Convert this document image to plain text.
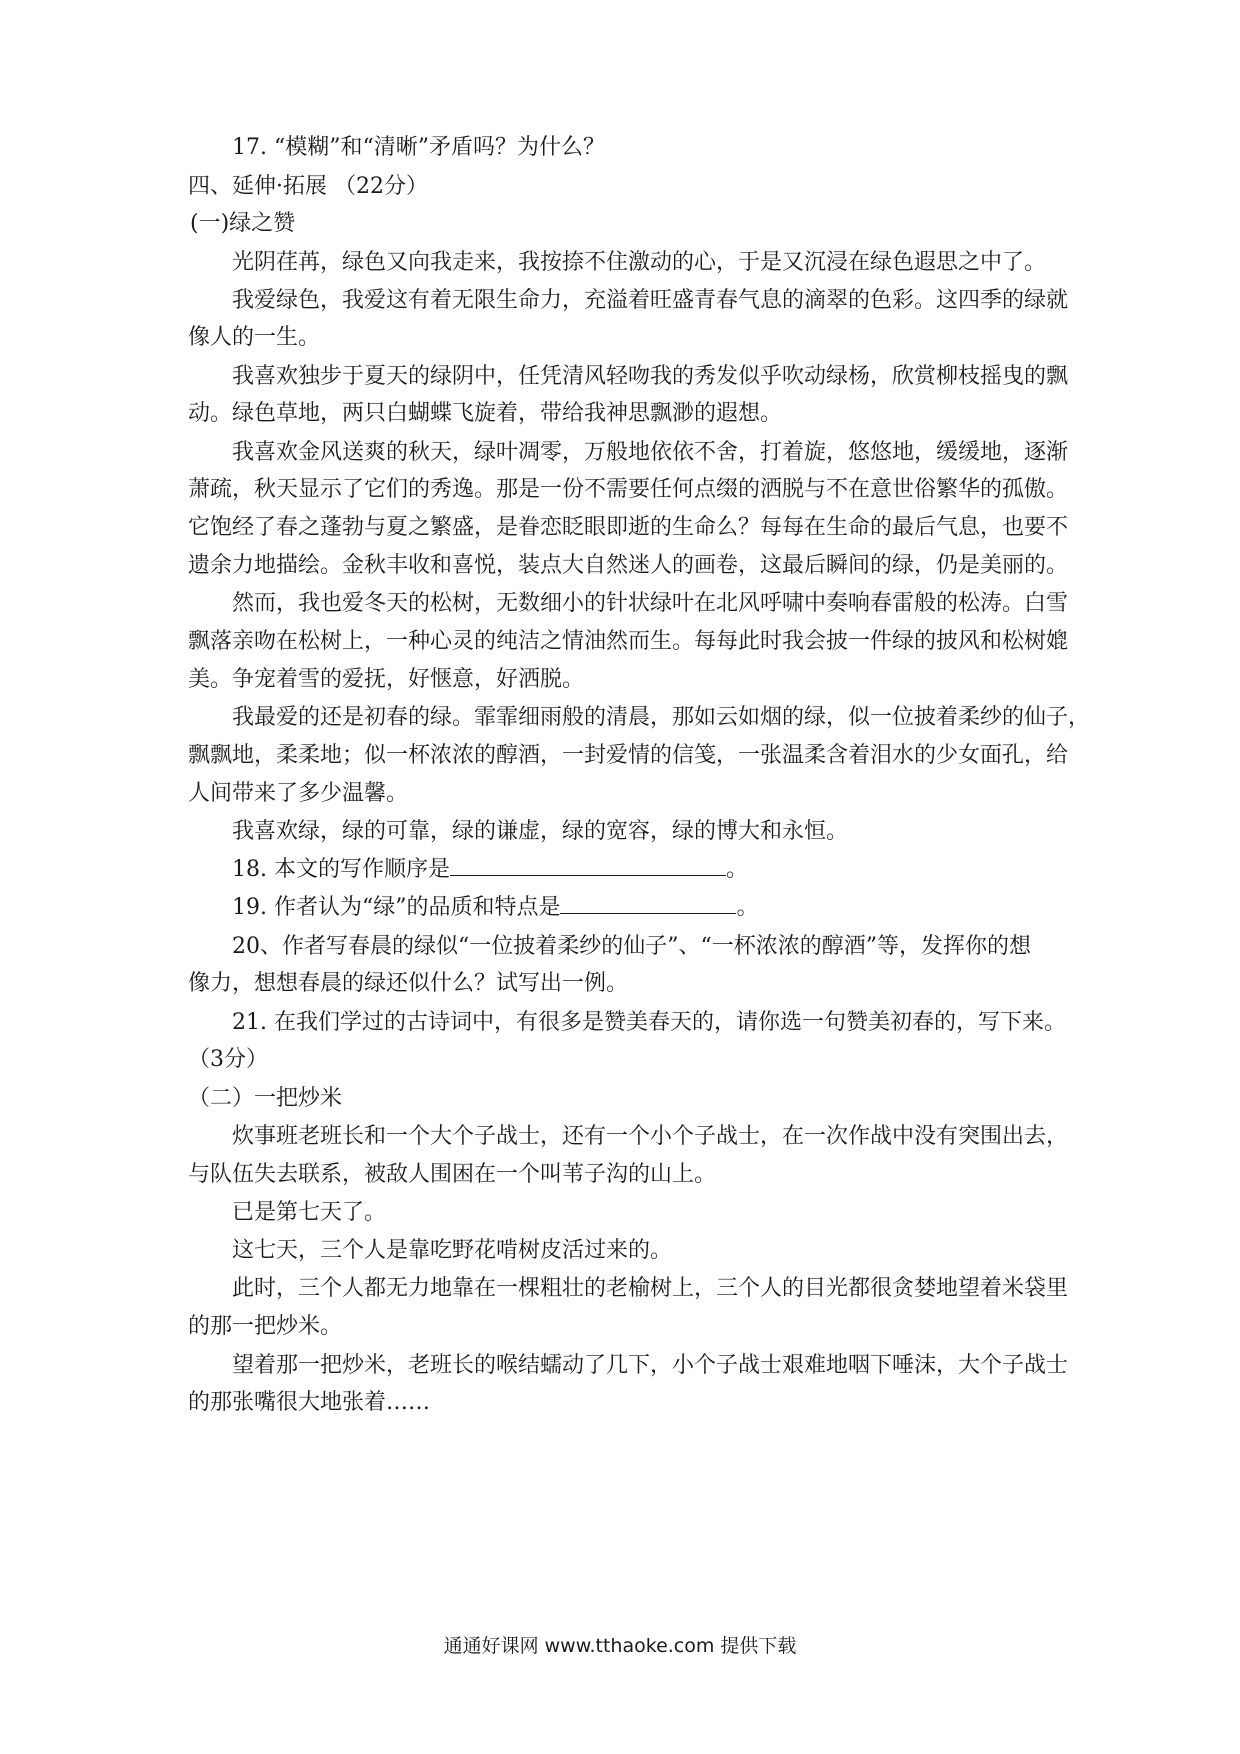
17. “模糊”和“清晰”矛盾吗？为什么？
四、延伸·拓展 （22分）
(一)绿之赞
光阴荏苒，绿色又向我走来，我按捺不住激动的心，于是又沉浸在绿色遐思之中了。
我爱绿色，我爱这有着无限生命力，充溢着旺盛青春气息的滴翠的色彩。这四季的绿就
像人的一生。
我喜欢独步于夏天的绿阴中，任凭清风轻吻我的秀发似乎吹动绿杨，欣赏柳枝摇曳的飘
动。绿色草地，两只白蝴蝶飞旋着，带给我神思飘渺的遐想。
我喜欢金风送爽的秋天，绿叶凋零，万般地依依不舍，打着旋，悠悠地，缓缓地，逐渐
萧疏，秋天显示了它们的秀逸。那是一份不需要任何点缀的洒脱与不在意世俗繁华的孤傲。
它饱经了春之蓬勃与夏之繁盛，是眷恋眨眼即逝的生命么？每每在生命的最后气息，也要不
遗余力地描绘。金秋丰收和喜悦，装点大自然迷人的画卷，这最后瞬间的绿，仍是美丽的。
然而，我也爱冬天的松树，无数细小的针状绿叶在北风呼啸中奏响春雷般的松涛。白雪
飘落亲吻在松树上，一种心灵的纯洁之情油然而生。每每此时我会披一件绿的披风和松树媲
美。争宠着雪的爱抚，好惬意，好洒脱。
我最爱的还是初春的绿。霏霏细雨般的清晨，那如云如烟的绿，似一位披着柔纱的仙子，
飘飘地，柔柔地；似一杯浓浓的醇酒，一封爱情的信笺，一张温柔含着泪水的少女面孔，给
人间带来了多少温馨。
我喜欢绿，绿的可靠，绿的谦虚，绿的宽容，绿的博大和永恒。
18. 本文的写作顺序是	。
19. 作者认为“绿”的品质和特点是	。
20、作者写春晨的绿似“一位披着柔纱的仙子”、“一杯浓浓的醇酒”等，发挥你的想
像力，想想春晨的绿还似什么？试写出一例。
21. 在我们学过的古诗词中，有很多是赞美春天的，请你选一句赞美初春的，写下来。
（3分）
（二）一把炒米
炊事班老班长和一个大个子战士，还有一个小个子战士，在一次作战中没有突围出去，
与队伍失去联系，被敌人围困在一个叫苇子沟的山上。
已是第七天了。
这七天，三个人是靠吃野花啃树皮活过来的。
此时，三个人都无力地靠在一棵粗壮的老榆树上，三个人的目光都很贪婪地望着米袋里
的那一把炒米。
望着那一把炒米，老班长的喉结蠕动了几下，小个子战士艰难地咽下唾沫，大个子战士
的那张嘴很大地张着……
通通好课网 www.tthaoke.com 提供下载
